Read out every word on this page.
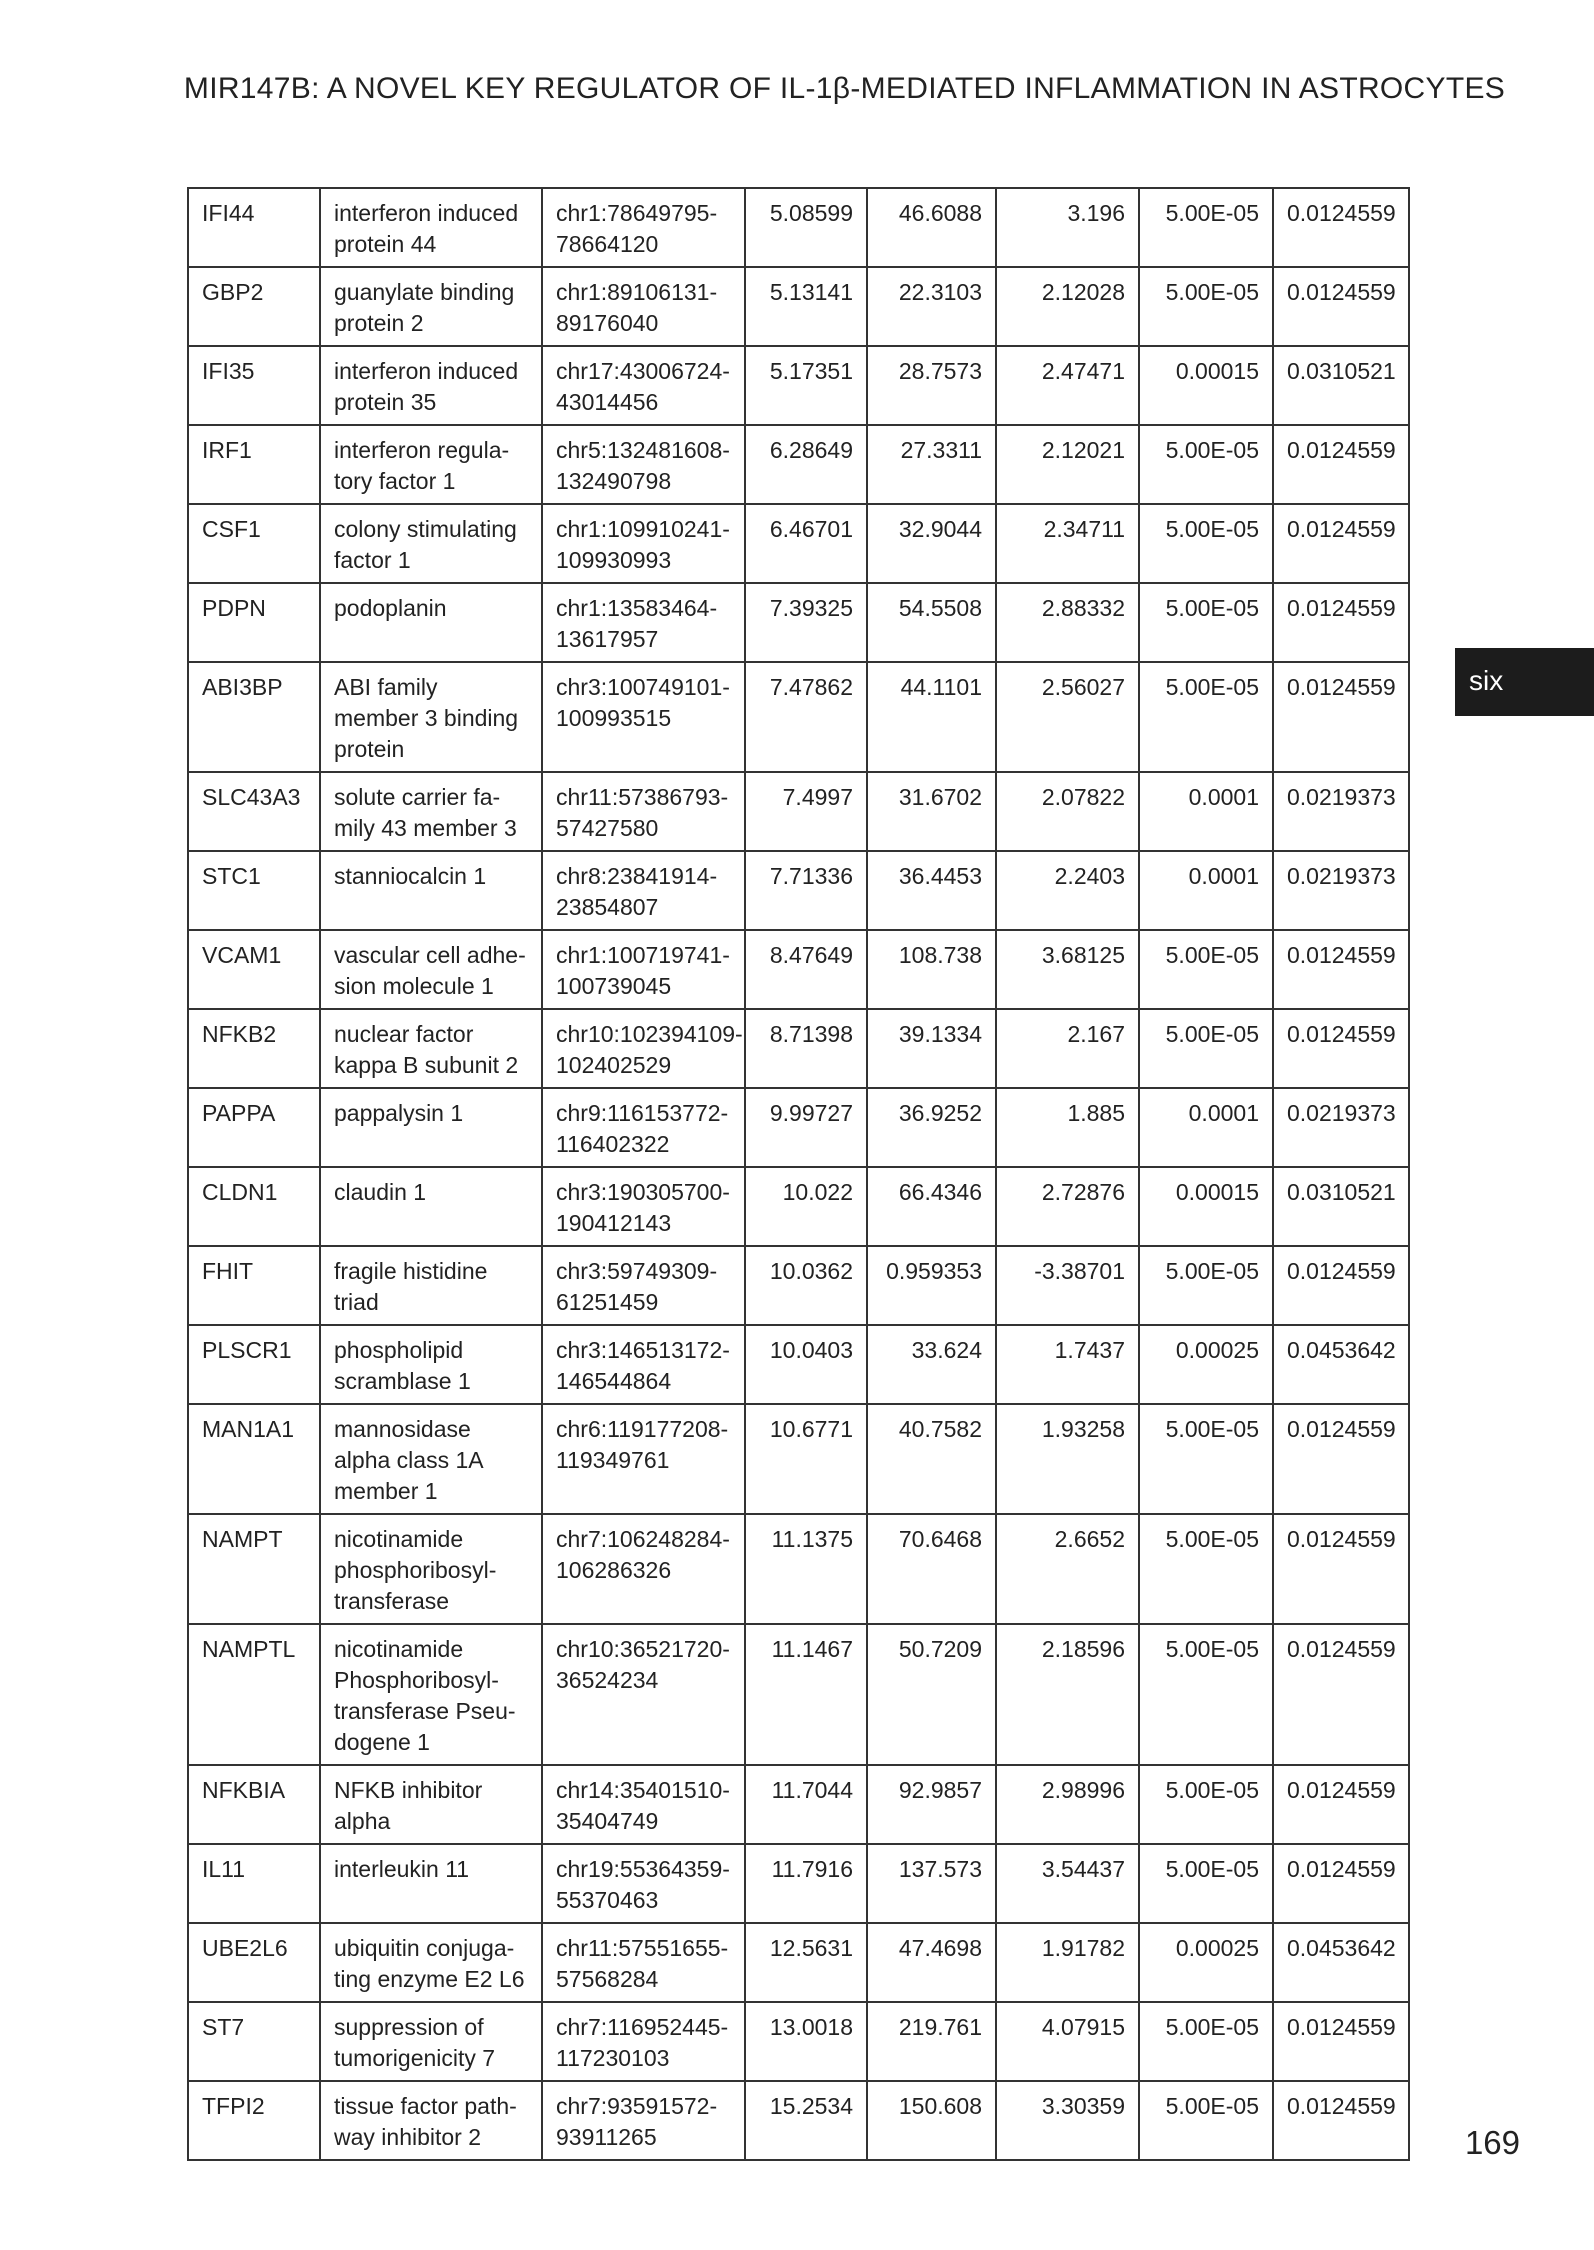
MIR147B: A NOVEL KEY REGULATOR OF IL-1β-MEDIATED INFLAMMATION IN ASTROCYTES
IFI44	interferon induced protein 44	chr1:78649795-78664120	5.08599	46.6088	3.196	5.00E-05	0.0124559
GBP2	guanylate binding protein 2	chr1:89106131-89176040	5.13141	22.3103	2.12028	5.00E-05	0.0124559
IFI35	interferon induced protein 35	chr17:43006724-43014456	5.17351	28.7573	2.47471	0.00015	0.0310521
IRF1	interferon regula-tory factor 1	chr5:132481608-132490798	6.28649	27.3311	2.12021	5.00E-05	0.0124559
CSF1	colony stimulating factor 1	chr1:109910241-109930993	6.46701	32.9044	2.34711	5.00E-05	0.0124559
PDPN	podoplanin	chr1:13583464-13617957	7.39325	54.5508	2.88332	5.00E-05	0.0124559
ABI3BP	ABI family member 3 binding protein	chr3:100749101-100993515	7.47862	44.1101	2.56027	5.00E-05	0.0124559
SLC43A3	solute carrier fa-mily 43 member 3	chr11:57386793-57427580	7.4997	31.6702	2.07822	0.0001	0.0219373
STC1	stanniocalcin 1	chr8:23841914-23854807	7.71336	36.4453	2.2403	0.0001	0.0219373
VCAM1	vascular cell adhe-sion molecule 1	chr1:100719741-100739045	8.47649	108.738	3.68125	5.00E-05	0.0124559
NFKB2	nuclear factor kappa B subunit 2	chr10:102394109-102402529	8.71398	39.1334	2.167	5.00E-05	0.0124559
PAPPA	pappalysin 1	chr9:116153772-116402322	9.99727	36.9252	1.885	0.0001	0.0219373
CLDN1	claudin 1	chr3:190305700-190412143	10.022	66.4346	2.72876	0.00015	0.0310521
FHIT	fragile histidine triad	chr3:59749309-61251459	10.0362	0.959353	-3.38701	5.00E-05	0.0124559
PLSCR1	phospholipid scramblase 1	chr3:146513172-146544864	10.0403	33.624	1.7437	0.00025	0.0453642
MAN1A1	mannosidase alpha class 1A member 1	chr6:119177208-119349761	10.6771	40.7582	1.93258	5.00E-05	0.0124559
NAMPT	nicotinamide phosphoribosyl-transferase	chr7:106248284-106286326	11.1375	70.6468	2.6652	5.00E-05	0.0124559
NAMPTL	nicotinamide Phosphoribosyl-transferase Pseu-dogene 1	chr10:36521720-36524234	11.1467	50.7209	2.18596	5.00E-05	0.0124559
NFKBIA	NFKB inhibitor alpha	chr14:35401510-35404749	11.7044	92.9857	2.98996	5.00E-05	0.0124559
IL11	interleukin 11	chr19:55364359-55370463	11.7916	137.573	3.54437	5.00E-05	0.0124559
UBE2L6	ubiquitin conjuga-ting enzyme E2 L6	chr11:57551655-57568284	12.5631	47.4698	1.91782	0.00025	0.0453642
ST7	suppression of tumorigenicity 7	chr7:116952445-117230103	13.0018	219.761	4.07915	5.00E-05	0.0124559
TFPI2	tissue factor path-way inhibitor 2	chr7:93591572-93911265	15.2534	150.608	3.30359	5.00E-05	0.0124559
six
169
